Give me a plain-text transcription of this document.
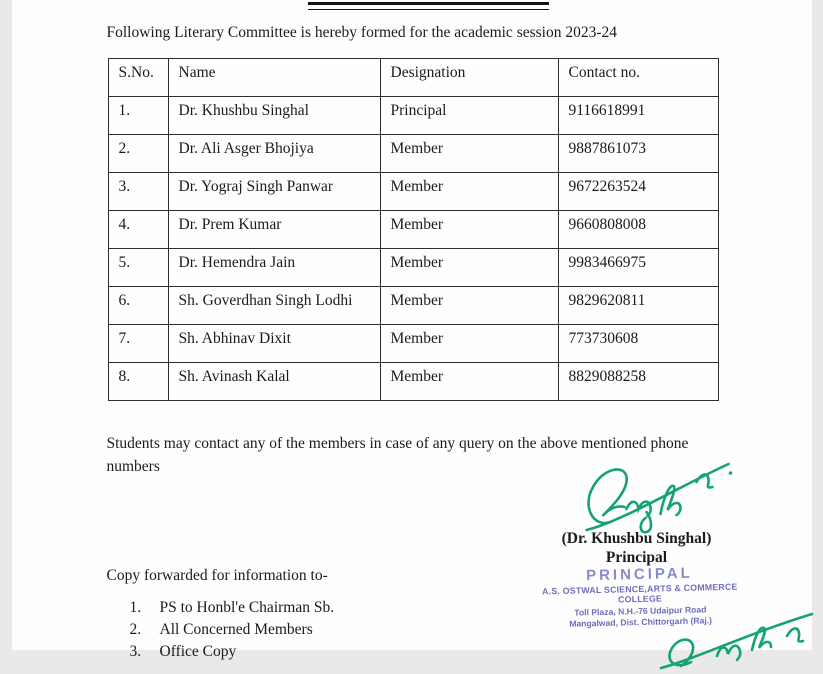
Following Literary Committee is hereby formed for the academic session 2023-24
S.No.	Name	Designation	Contact no.
1.	Dr. Khushbu Singhal	Principal	9116618991
2.	Dr. Ali Asger Bhojiya	Member	9887861073
3.	Dr. Yograj Singh Panwar	Member	9672263524
4.	Dr. Prem Kumar	Member	9660808008
5.	Dr. Hemendra Jain	Member	9983466975
6.	Sh. Goverdhan Singh Lodhi	Member	9829620811
7.	Sh. Abhinav Dixit	Member	773730608
8.	Sh. Avinash Kalal	Member	8829088258
Students may contact any of the members in case of any query on the above mentioned phone numbers
(Dr. Khushbu Singhal)
Principal
PRINCIPAL
A.S. OSTWAL SCIENCE,ARTS & COMMERCE COLLEGE
Toll Plaza, N.H.-76 Udaipur Road
Mangalwad, Dist. Chittorgarh (Raj.)
Copy forwarded for information to-
1.	PS to Honbl'e Chairman Sb.
2.	All Concerned Members
3.	Office Copy
